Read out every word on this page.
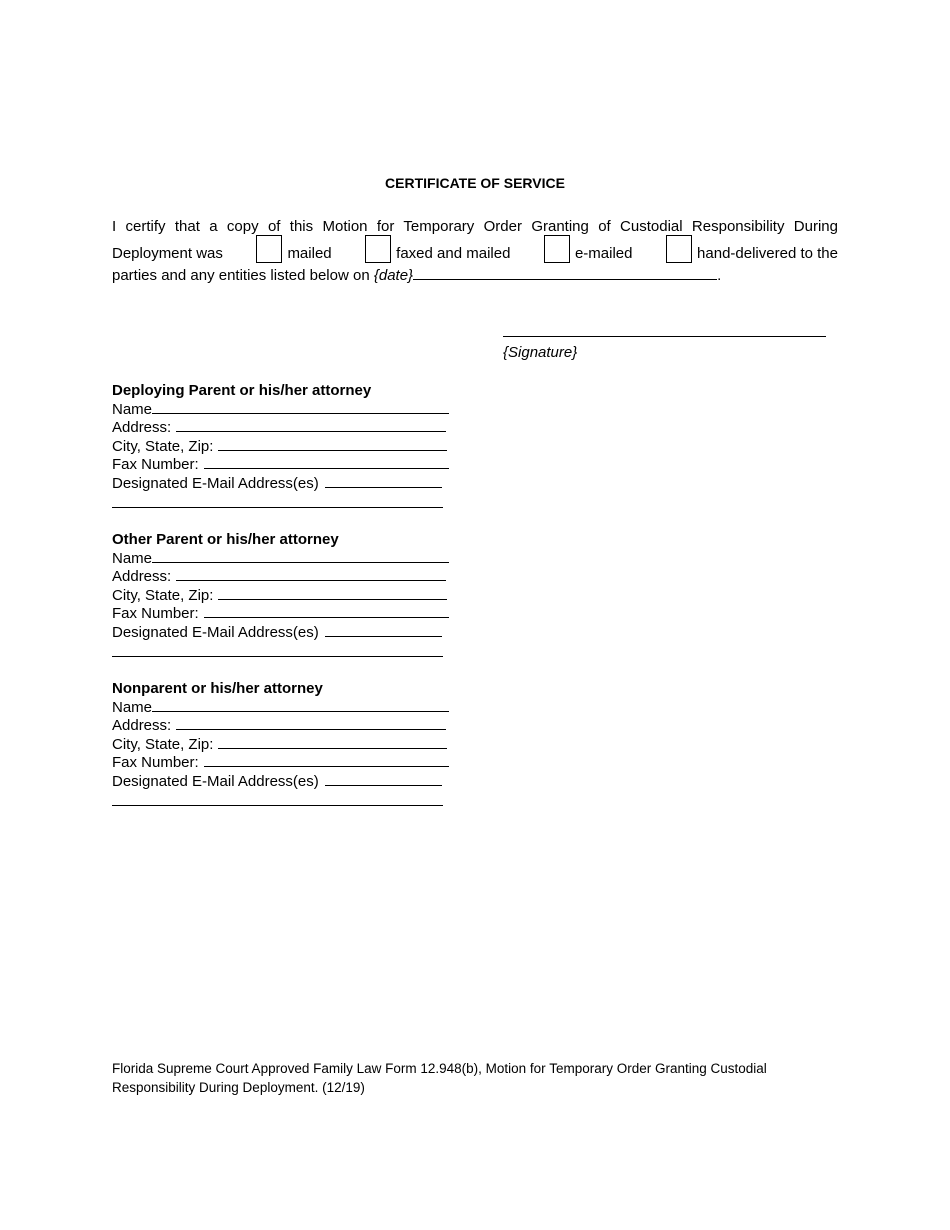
CERTIFICATE OF SERVICE
I certify that a copy of this Motion for Temporary Order Granting of Custodial Responsibility During
Deployment was	mailed	faxed and mailed	e-mailed	hand-delivered to the
parties and any entities listed below on {date}	.
{Signature}
Deploying Parent or his/her attorney
Name
Address:
City, State, Zip:
Fax Number:
Designated E-Mail Address(es)
Other Parent or his/her attorney
Name
Address:
City, State, Zip:
Fax Number:
Designated E-Mail Address(es)
Nonparent or his/her attorney
Name
Address:
City, State, Zip:
Fax Number:
Designated E-Mail Address(es)
Florida Supreme Court Approved Family Law Form 12.948(b), Motion for Temporary Order Granting Custodial
Responsibility During Deployment. (12/19)
